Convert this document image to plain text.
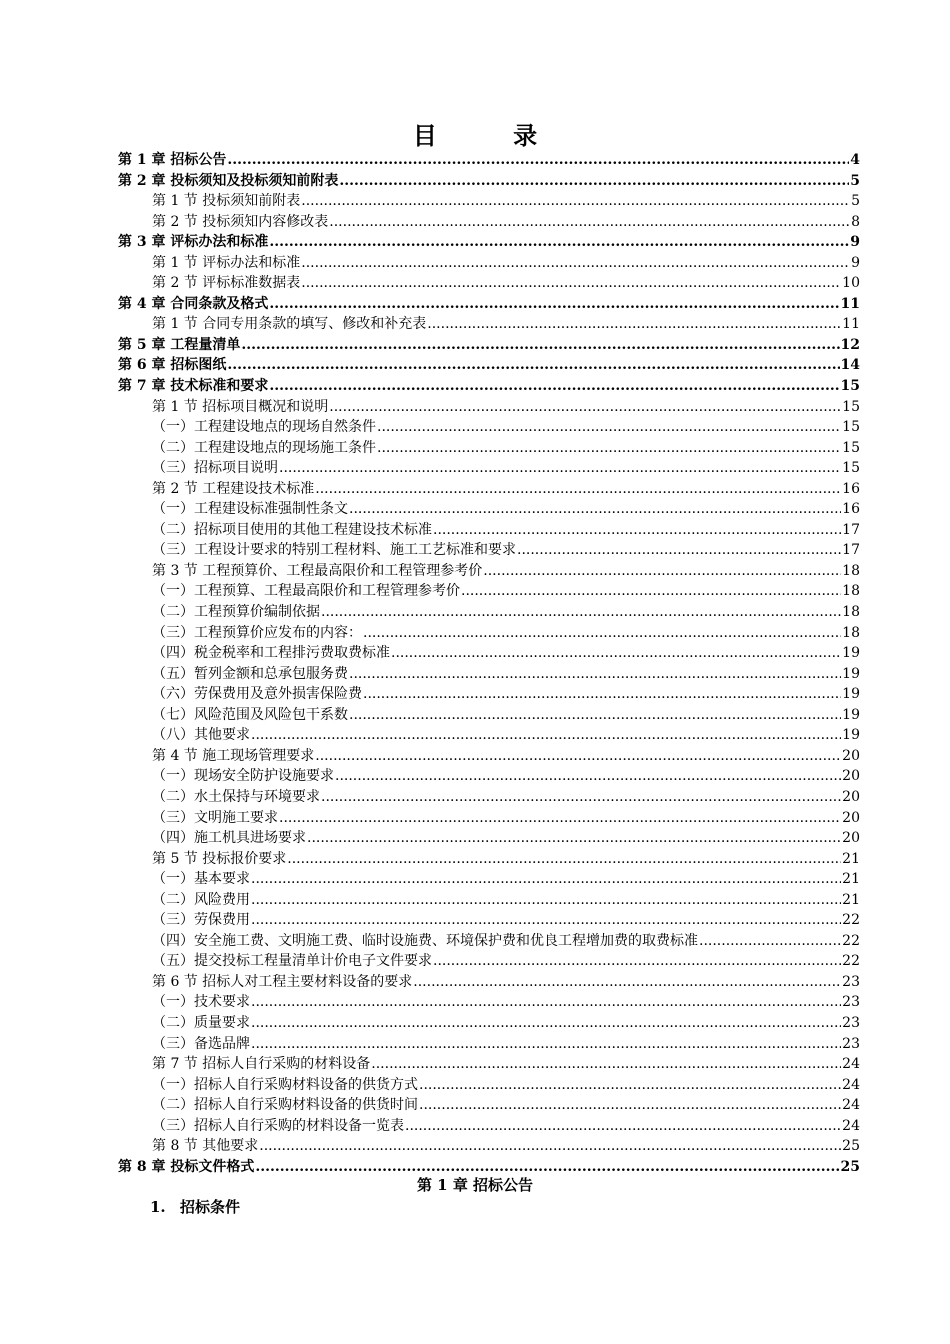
目 录
第 1 章 招标公告 .....	4
第 2 章 投标须知及投标须知前附表 .....	5
第 1 节 投标须知前附表 .....	5
第 2 节 投标须知内容修改表 .....	8
第 3 章 评标办法和标准 .....	9
第 1 节 评标办法和标准 .....	9
第 2 节 评标标准数据表 .....	10
第 4 章 合同条款及格式 .....	11
第 1 节 合同专用条款的填写、修改和补充表 .....	11
第 5 章 工程量清单 .....	12
第 6 章 招标图纸 .....	14
第 7 章 技术标准和要求 .....	15
第 1 节 招标项目概况和说明 .....	15
（一）工程建设地点的现场自然条件 .....	15
（二）工程建设地点的现场施工条件 .....	15
（三）招标项目说明 .....	15
第 2 节 工程建设技术标准 .....	16
（一）工程建设标准强制性条文 .....	16
（二）招标项目使用的其他工程建设技术标准 .....	17
（三）工程设计要求的特别工程材料、施工工艺标准和要求 .....	17
第 3 节 工程预算价、工程最高限价和工程管理参考价 .....	18
（一）工程预算、工程最高限价和工程管理参考价 .....	18
（二）工程预算价编制依据 .....	18
（三）工程预算价应发布的内容： .....	18
（四）税金税率和工程排污费取费标准 .....	19
（五）暂列金额和总承包服务费 .....	19
（六）劳保费用及意外损害保险费 .....	19
（七）风险范围及风险包干系数 .....	19
（八）其他要求 .....	19
第 4 节 施工现场管理要求 .....	20
（一）现场安全防护设施要求 .....	20
（二）水土保持与环境要求 .....	20
（三）文明施工要求 .....	20
（四）施工机具进场要求 .....	20
第 5 节 投标报价要求 .....	21
（一）基本要求 .....	21
（二）风险费用 .....	21
（三）劳保费用 .....	22
（四）安全施工费、文明施工费、临时设施费、环境保护费和优良工程增加费的取费标准 .....	22
（五）提交投标工程量清单计价电子文件要求 .....	22
第 6 节 招标人对工程主要材料设备的要求 .....	23
（一）技术要求 .....	23
（二）质量要求 .....	23
（三）备选品牌 .....	23
第 7 节 招标人自行采购的材料设备 .....	24
（一）招标人自行采购材料设备的供货方式 .....	24
（二）招标人自行采购材料设备的供货时间 .....	24
（三）招标人自行采购的材料设备一览表 .....	24
第 8 节 其他要求 .....	25
第 8 章 投标文件格式 .....	25
第 1 章 招标公告
1. 招标条件
